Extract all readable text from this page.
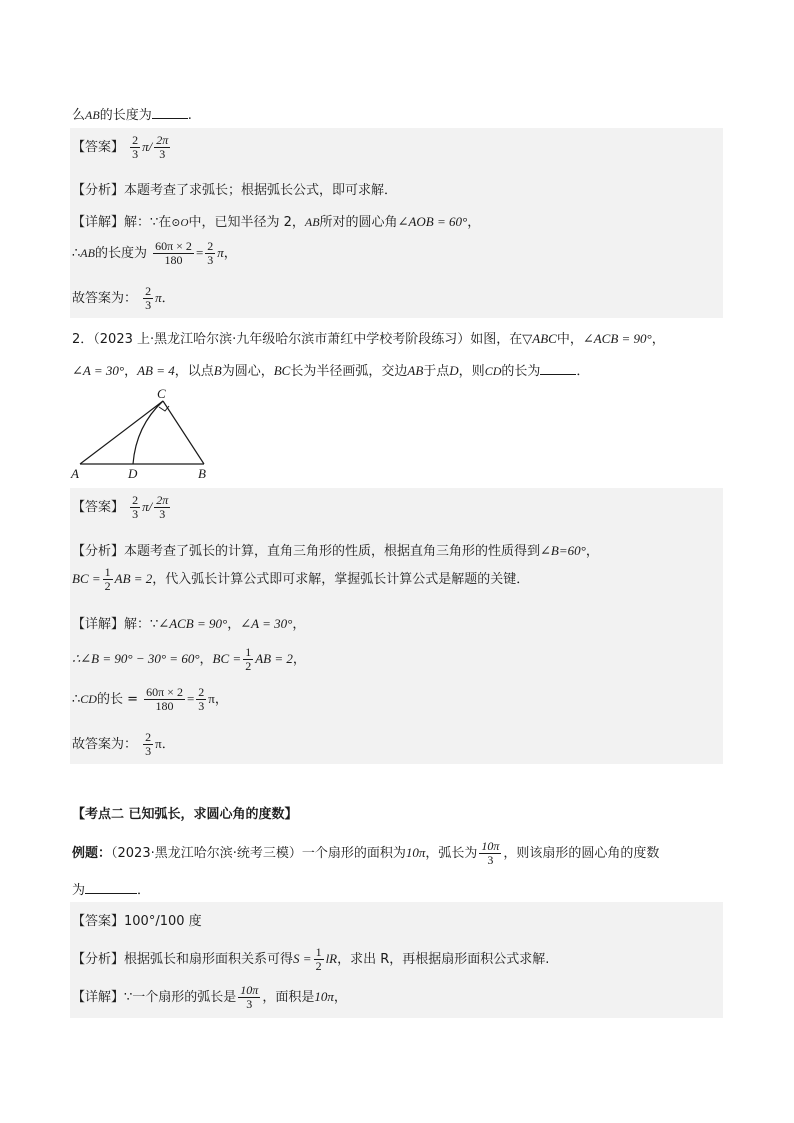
么AB的长度为	.
【答案】 $\frac{2}{3} \pi/ \frac{2\pi}{3}$
【分析】本题考查了求弧长；根据弧长公式，即可求解．
【详解】解：∵在⊙O中，已知半径为 2，AB所对的圆心角∠AOB = 60°，
∴AB的长度为 $\frac{60\pi \times 2}{180} = \frac{2}{3}$ π，
故答案为： $\frac{2}{3}$ π．
2．（2023 上·黑龙江哈尔滨·九年级哈尔滨市萧红中学校考阶段练习）如图，在▽ABC中，∠ACB = 90°，
∠A = 30°，AB = 4，以点B为圆心，BC长为半径画弧，交边AB于点D，则CD的长为	．
A	D	B
C
【答案】 $\frac{2}{3} \pi/ \frac{2\pi}{3}$
【分析】本题考查了弧长的计算，直角三角形的性质，根据直角三角形的性质得到∠B=60°，
BC = $\frac{1}{2}$ AB = 2，代入弧长计算公式即可求解，掌握弧长计算公式是解题的关键．
【详解】解：∵∠ACB = 90°，∠A = 30°，
∴∠B = 90° − 30° = 60°，BC = $\frac{1}{2}$ AB = 2，
∴CD的长 = $\frac{60\pi \times 2}{180} = \frac{2}{3}$ π，
故答案为： $\frac{2}{3}$ π．
【考点二 已知弧长，求圆心角的度数】
例题：（2023·黑龙江哈尔滨·统考三模）一个扇形的面积为10π，弧长为 $\frac{10\pi}{3}$ ，则该扇形的圆心角的度数
为	．
【答案】100°/100 度
【分析】根据弧长和扇形面积关系可得$S = \frac{1}{2}$ lR，求出 R，再根据扇形面积公式求解.
【详解】∵一个扇形的弧长是 $\frac{10\pi}{3}$ ，面积是10π，
